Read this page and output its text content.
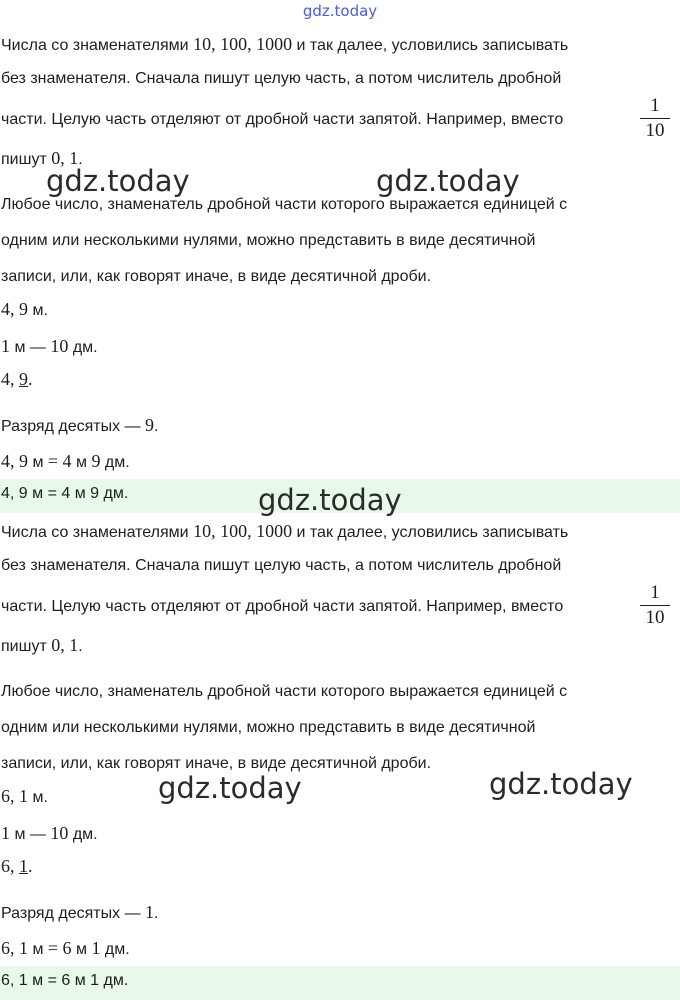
gdz.today
Числа со знаменателями 10, 100, 1000 и так далее, условились записывать
без знаменателя. Сначала пишут целую часть, а потом числитель дробной
части. Целую часть отделяют от дробной части запятой. Например, вместо
1
10
пишут 0, 1.
Любое число, знаменатель дробной части которого выражается единицей с
одним или несколькими нулями, можно представить в виде десятичной
записи, или, как говорят иначе, в виде десятичной дроби.
4, 9 м.
1 м — 10 дм.
4, 9.
Разряд десятых — 9.
4, 9 м = 4 м 9 дм.
4, 9 м = 4 м 9 дм.
Числа со знаменателями 10, 100, 1000 и так далее, условились записывать
без знаменателя. Сначала пишут целую часть, а потом числитель дробной
части. Целую часть отделяют от дробной части запятой. Например, вместо
1
10
пишут 0, 1.
Любое число, знаменатель дробной части которого выражается единицей с
одним или несколькими нулями, можно представить в виде десятичной
записи, или, как говорят иначе, в виде десятичной дроби.
6, 1 м.
1 м — 10 дм.
6, 1.
Разряд десятых — 1.
6, 1 м = 6 м 1 дм.
6, 1 м = 6 м 1 дм.
gdz.today	gdz.today
gdz.today
gdz.today	gdz.today
